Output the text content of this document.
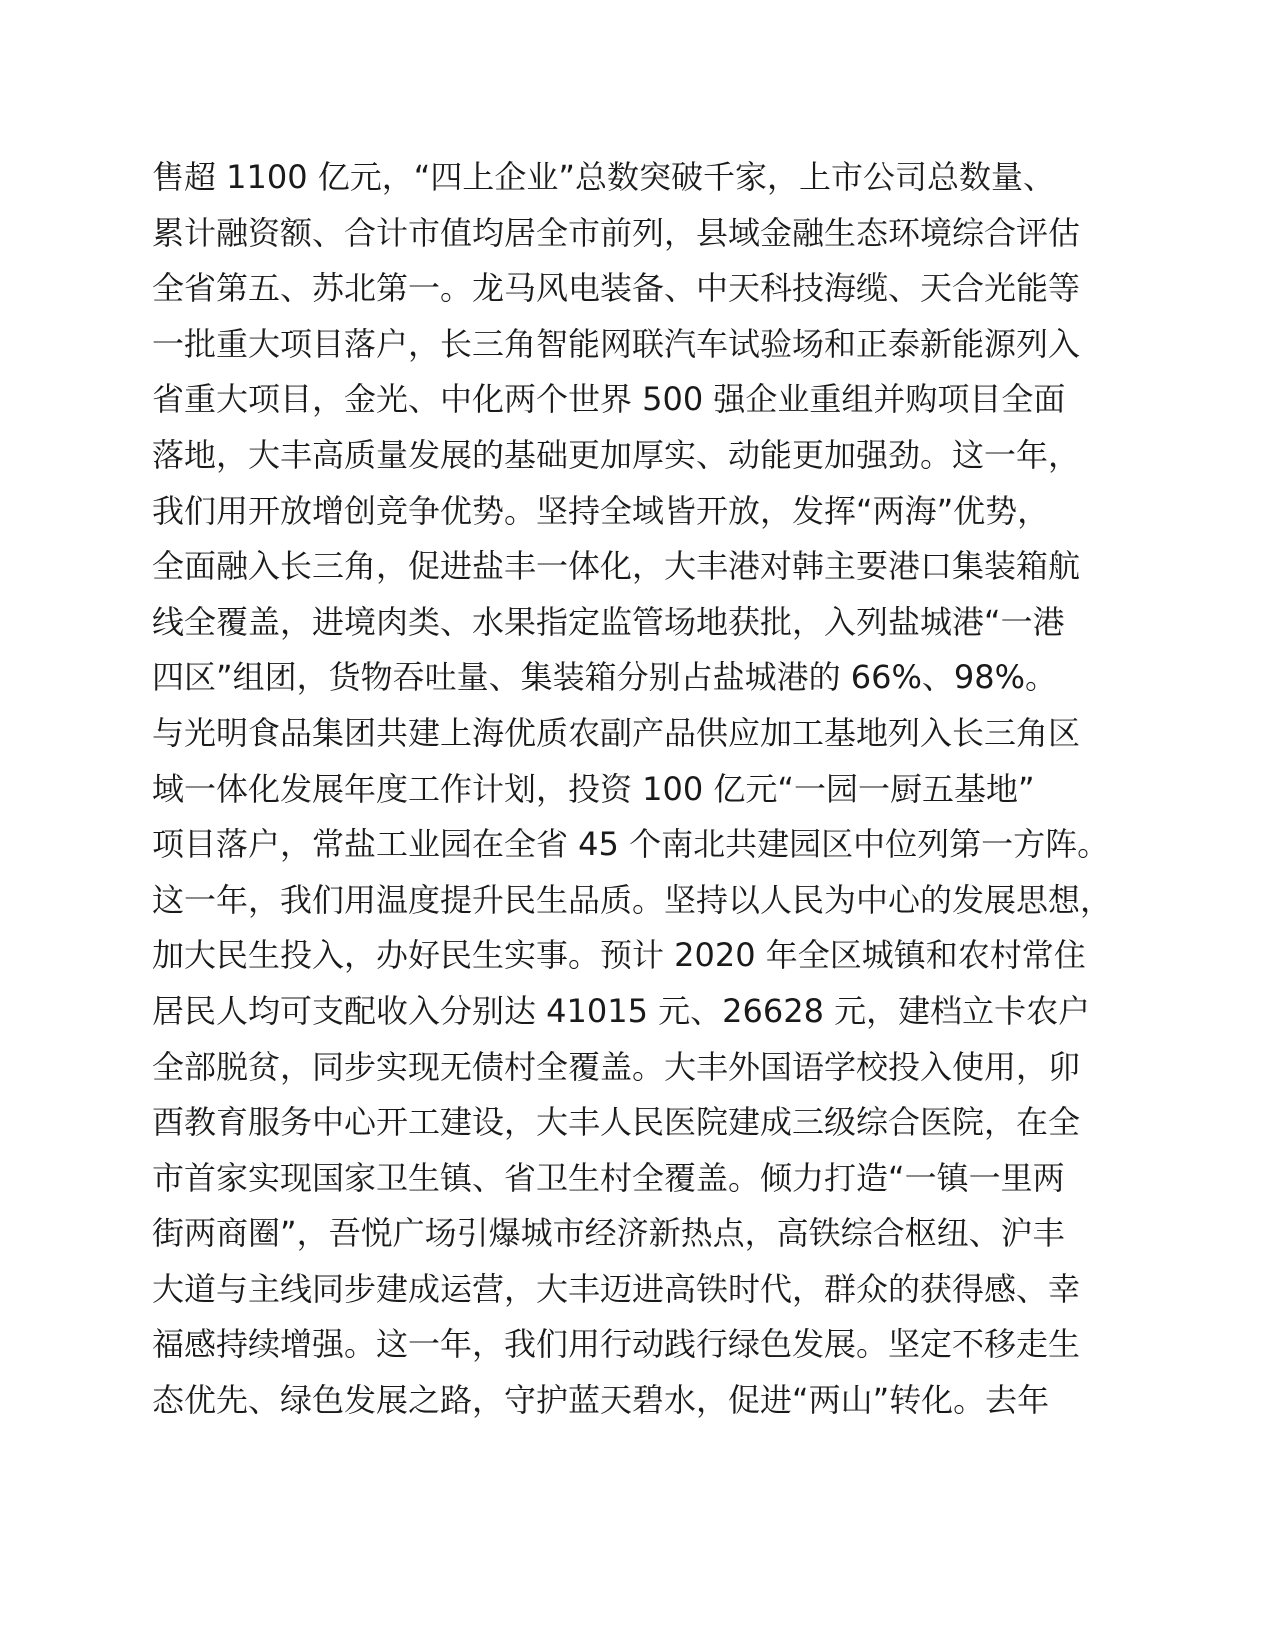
售超 1100 亿元，“四上企业”总数突破千家，上市公司总数量、
累计融资额、合计市值均居全市前列，县域金融生态环境综合评估
全省第五、苏北第一。龙马风电装备、中天科技海缆、天合光能等
一批重大项目落户，长三角智能网联汽车试验场和正泰新能源列入
省重大项目，金光、中化两个世界 500 强企业重组并购项目全面
落地，大丰高质量发展的基础更加厚实、动能更加强劲。这一年，
我们用开放增创竞争优势。坚持全域皆开放，发挥“两海”优势，
全面融入长三角，促进盐丰一体化，大丰港对韩主要港口集装箱航
线全覆盖，进境肉类、水果指定监管场地获批，入列盐城港“一港
四区”组团，货物吞吐量、集装箱分别占盐城港的 66%、98%。
与光明食品集团共建上海优质农副产品供应加工基地列入长三角区
域一体化发展年度工作计划，投资 100 亿元“一园一厨五基地”
项目落户，常盐工业园在全省 45 个南北共建园区中位列第一方阵。
这一年，我们用温度提升民生品质。坚持以人民为中心的发展思想，
加大民生投入，办好民生实事。预计 2020 年全区城镇和农村常住
居民人均可支配收入分别达 41015 元、26628 元，建档立卡农户
全部脱贫，同步实现无债村全覆盖。大丰外国语学校投入使用，卯
酉教育服务中心开工建设，大丰人民医院建成三级综合医院，在全
市首家实现国家卫生镇、省卫生村全覆盖。倾力打造“一镇一里两
街两商圈”，吾悦广场引爆城市经济新热点，高铁综合枢纽、沪丰
大道与主线同步建成运营，大丰迈进高铁时代，群众的获得感、幸
福感持续增强。这一年，我们用行动践行绿色发展。坚定不移走生
态优先、绿色发展之路，守护蓝天碧水，促进“两山”转化。去年
